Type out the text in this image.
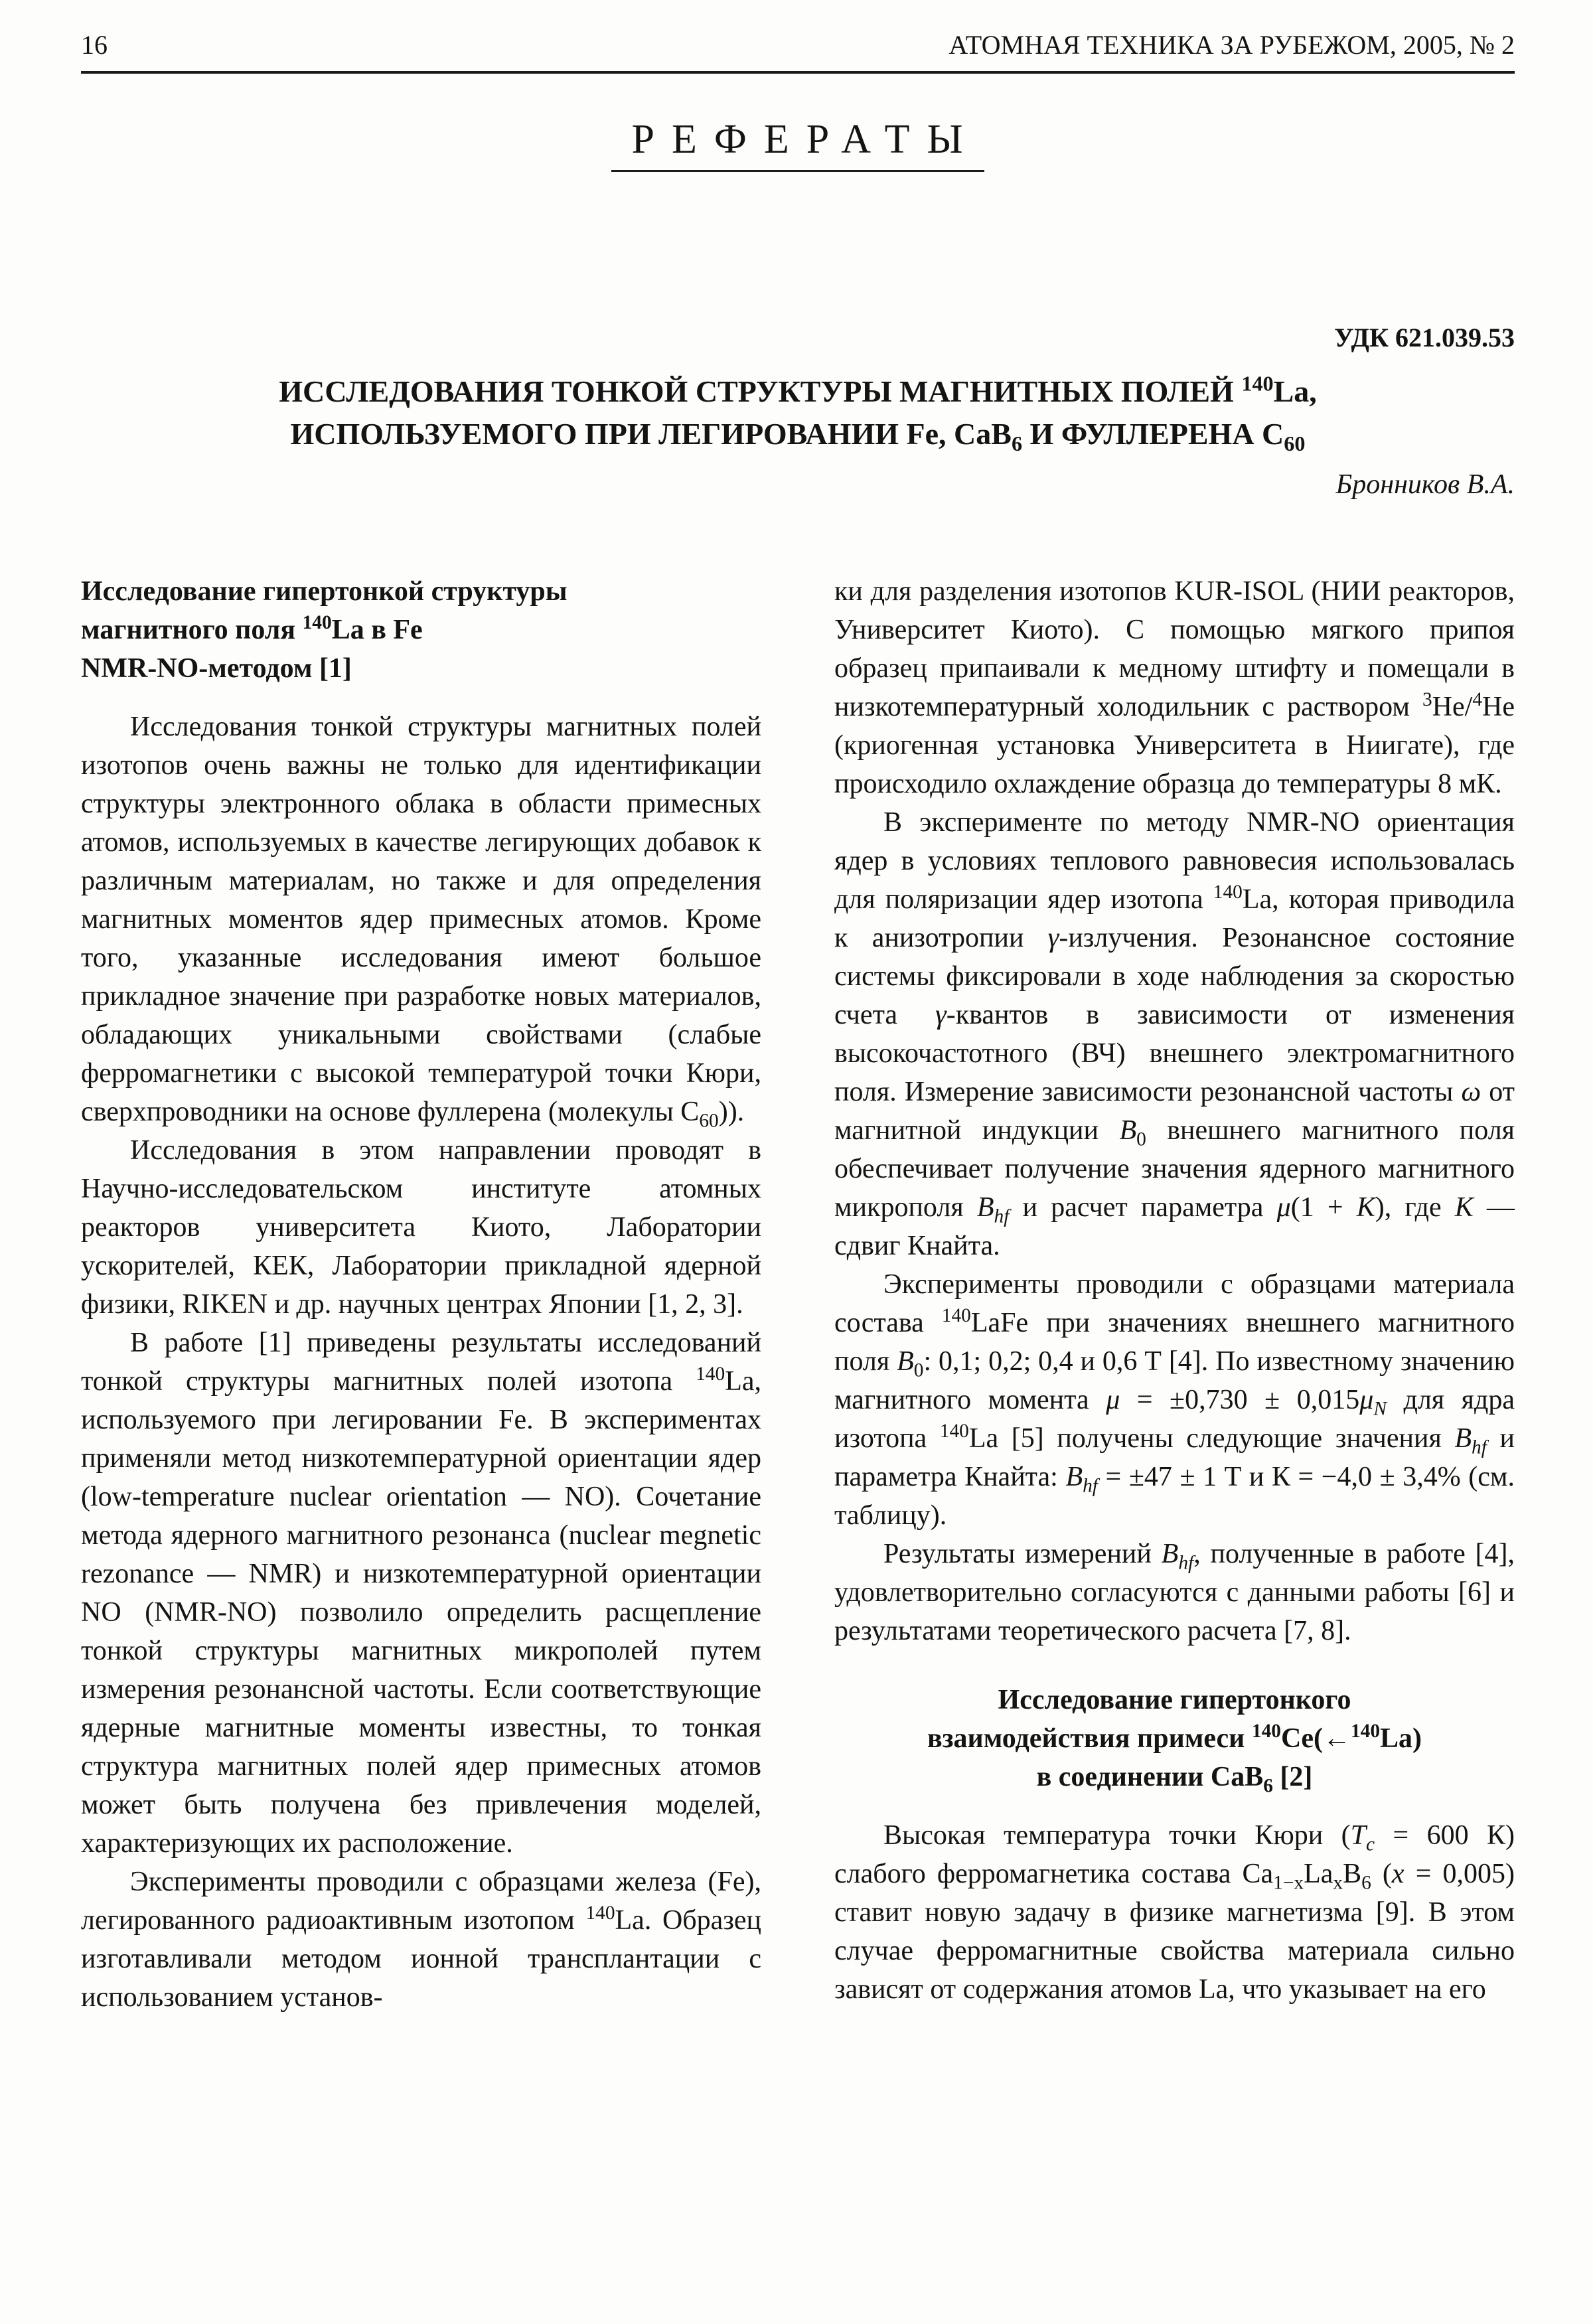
16	АТОМНАЯ ТЕХНИКА ЗА РУБЕЖОМ, 2005, № 2
РЕФЕРАТЫ
УДК 621.039.53
ИССЛЕДОВАНИЯ ТОНКОЙ СТРУКТУРЫ МАГНИТНЫХ ПОЛЕЙ $^{140}$La,
ИСПОЛЬЗУЕМОГО ПРИ ЛЕГИРОВАНИИ Fe, CaB$_6$ И ФУЛЛЕРЕНА $C_{60}$
Бронников В.А.
Исследование гипертонкой структуры
магнитного поля $^{140}$La в Fe
NMR-NO-методом [1]

Исследования тонкой структуры магнитных полей изотопов очень важны не только для идентификации структуры электронного облака в области примесных атомов, используемых в качестве легирующих добавок к различным материалам, но также и для определения магнитных моментов ядер примесных атомов. Кроме того, указанные исследования имеют большое прикладное значение при разработке новых материалов, обладающих уникальными свойствами (слабые ферромагнетики с высокой температурой точки Кюри, сверхпроводники на основе фуллерена (молекулы $C_{60}$)).

Исследования в этом направлении проводят в Научно-исследовательском институте атомных реакторов университета Киото, Лаборатории ускорителей, КЕК, Лаборатории прикладной ядерной физики, RIKEN и др. научных центрах Японии [1, 2, 3].

В работе [1] приведены результаты исследований тонкой структуры магнитных полей изотопа $^{140}$La, используемого при легировании Fe. В экспериментах применяли метод низкотемпературной ориентации ядер (low-temperature nuclear orientation — NO). Сочетание метода ядерного магнитного резонанса (nuclear megnetic rezonance — NMR) и низкотемпературной ориентации NO (NMR-NO) позволило определить расщепление тонкой структуры магнитных микрополей путем измерения резонансной частоты. Если соответствующие ядерные магнитные моменты известны, то тонкая структура магнитных полей ядер примесных атомов может быть получена без привлечения моделей, характеризующих их расположение.

Эксперименты проводили с образцами железа (Fe), легированного радиоактивным изотопом $^{140}$La. Образец изготавливали методом ионной трансплантации с использованием установ-

ки для разделения изотопов KUR-ISOL (НИИ реакторов, Университет Киото). С помощью мягкого припоя образец припаивали к медному штифту и помещали в низкотемпературный холодильник с раствором $^3$He/$^4$He (криогенная установка Университета в Ниигате), где происходило охлаждение образца до температуры 8 мК.

В эксперименте по методу NMR-NO ориентация ядер в условиях теплового равновесия использовалась для поляризации ядер изотопа $^{140}$La, которая приводила к анизотропии γ-излучения. Резонансное состояние системы фиксировали в ходе наблюдения за скоростью счета γ-квантов в зависимости от изменения высокочастотного (ВЧ) внешнего электромагнитного поля. Измерение зависимости резонансной частоты ω от магнитной индукции $B_0$ внешнего магнитного поля обеспечивает получение значения ядерного магнитного микрополя $B_{hf}$ и расчет параметра μ(1 + K), где K — сдвиг Кнайта.

Эксперименты проводили с образцами материала состава $^{140}$LaFe при значениях внешнего магнитного поля $B_0$: 0,1; 0,2; 0,4 и 0,6 Т [4]. По известному значению магнитного момента $\mu = \pm 0,730 \pm 0,015\mu_N$ для ядра изотопа $^{140}$La [5] получены следующие значения $B_{hf}$ и параметра Кнайта: $B_{hf} = \pm 47 \pm 1$ Т и К = −4,0 ± 3,4% (см. таблицу).

Результаты измерений $B_{hf}$, полученные в работе [4], удовлетворительно согласуются с данными работы [6] и результатами теоретического расчета [7, 8].

Исследование гипертонкого
взаимодействия примеси $^{140}$Ce(←$^{140}$La)
в соединении CaB$_6$ [2]

Высокая температура точки Кюри ($T_c = 600$ К) слабого ферромагнетика состава $Ca_{1-x}La_xB_6$ (x = 0,005) ставит новую задачу в физике магнетизма [9]. В этом случае ферромагнитные свойства материала сильно зависят от содержания атомов La, что указывает на его
